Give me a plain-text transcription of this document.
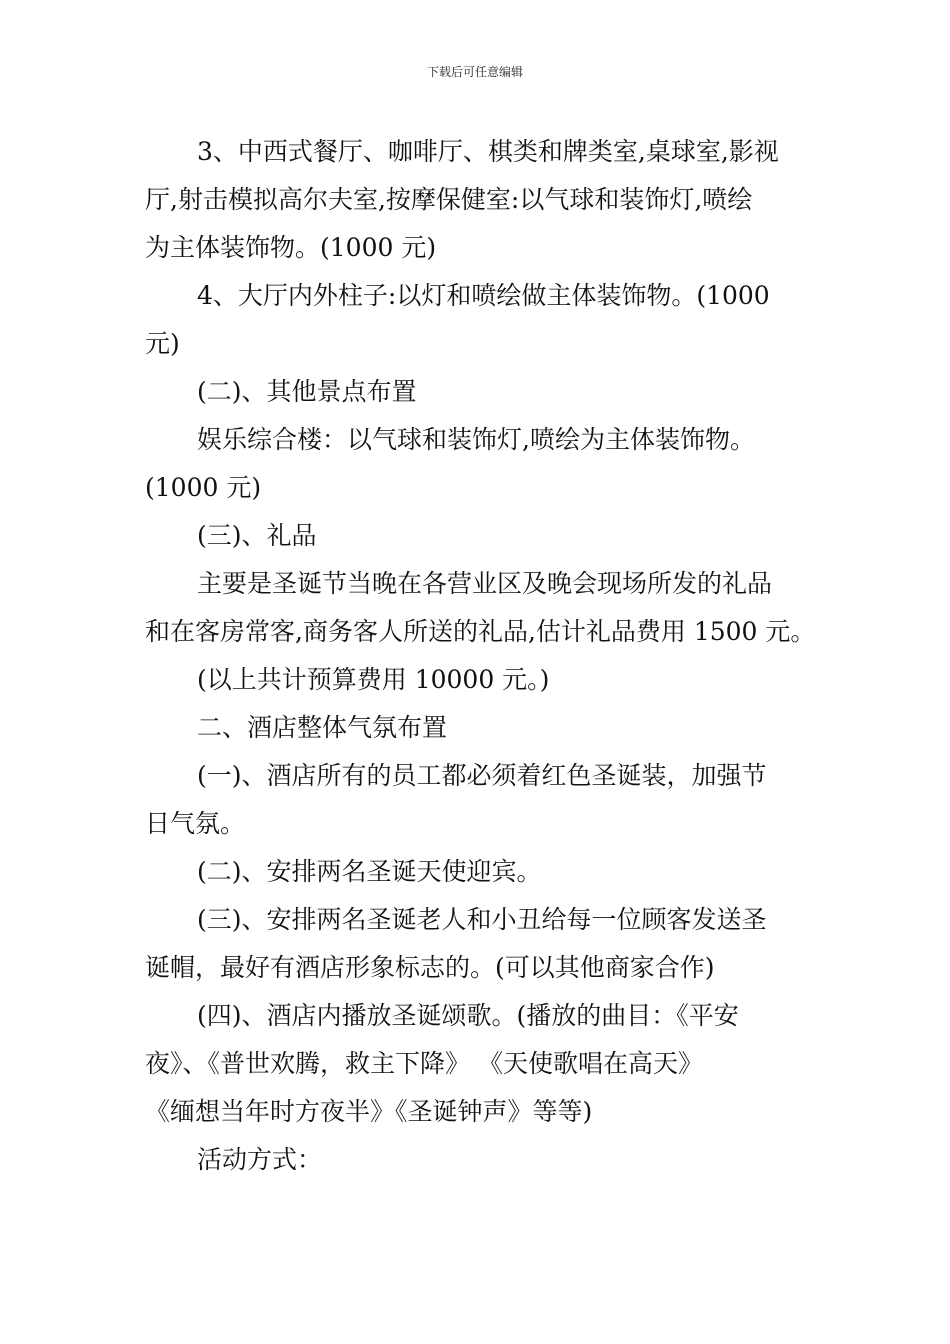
下载后可任意编辑
3、中西式餐厅、咖啡厅、棋类和牌类室,桌球室,影视
厅,射击模拟高尔夫室,按摩保健室:以气球和装饰灯,喷绘
为主体装饰物。(1000 元)
4、大厅内外柱子:以灯和喷绘做主体装饰物。(1000
元)
(二)、其他景点布置
娱乐综合楼：以气球和装饰灯,喷绘为主体装饰物。
(1000 元)
(三)、礼品
主要是圣诞节当晚在各营业区及晚会现场所发的礼品
和在客房常客,商务客人所送的礼品,估计礼品费用 1500 元。
(以上共计预算费用 10000 元。)
二、酒店整体气氛布置
(一)、酒店所有的员工都必须着红色圣诞装，加强节
日气氛。
(二)、安排两名圣诞天使迎宾。
(三)、安排两名圣诞老人和小丑给每一位顾客发送圣
诞帽，最好有酒店形象标志的。(可以其他商家合作)
(四)、酒店内播放圣诞颂歌。(播放的曲目：《平安
夜》、《普世欢腾，救主下降》 《天使歌唱在高天》
《缅想当年时方夜半》《圣诞钟声》等等)
活动方式：
